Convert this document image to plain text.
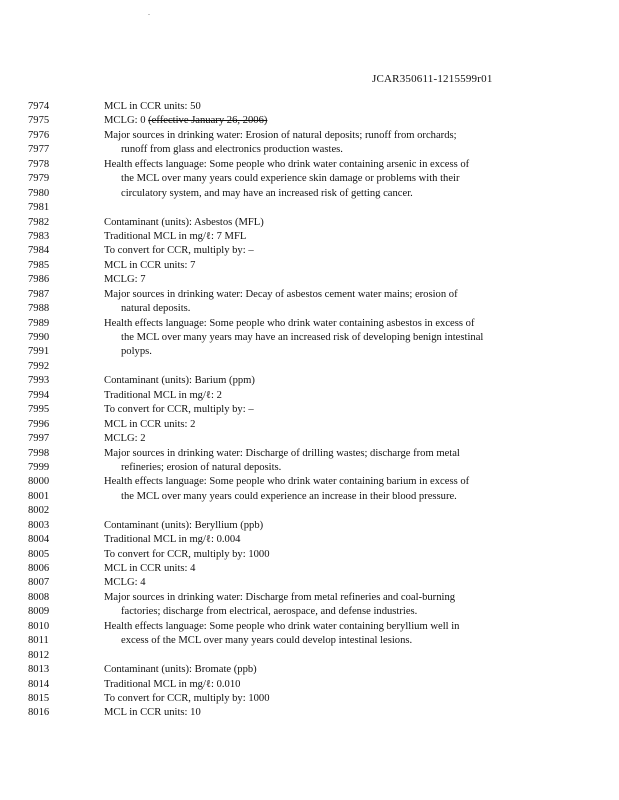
.
JCAR350611-1215599r01
7974	MCL in CCR units: 50
7975	MCLG: 0 (effective January 26, 2006)
7976	Major sources in drinking water: Erosion of natural deposits; runoff from orchards;
7977	runoff from glass and electronics production wastes.
7978	Health effects language: Some people who drink water containing arsenic in excess of
7979	the MCL over many years could experience skin damage or problems with their
7980	circulatory system, and may have an increased risk of getting cancer.
7981
7982	Contaminant (units): Asbestos (MFL)
7983	Traditional MCL in mg/ℓ: 7 MFL
7984	To convert for CCR, multiply by: –
7985	MCL in CCR units: 7
7986	MCLG: 7
7987	Major sources in drinking water: Decay of asbestos cement water mains; erosion of
7988	natural deposits.
7989	Health effects language: Some people who drink water containing asbestos in excess of
7990	the MCL over many years may have an increased risk of developing benign intestinal
7991	polyps.
7992
7993	Contaminant (units): Barium (ppm)
7994	Traditional MCL in mg/ℓ: 2
7995	To convert for CCR, multiply by: –
7996	MCL in CCR units: 2
7997	MCLG: 2
7998	Major sources in drinking water: Discharge of drilling wastes; discharge from metal
7999	refineries; erosion of natural deposits.
8000	Health effects language: Some people who drink water containing barium in excess of
8001	the MCL over many years could experience an increase in their blood pressure.
8002
8003	Contaminant (units): Beryllium (ppb)
8004	Traditional MCL in mg/ℓ: 0.004
8005	To convert for CCR, multiply by: 1000
8006	MCL in CCR units: 4
8007	MCLG: 4
8008	Major sources in drinking water: Discharge from metal refineries and coal-burning
8009	factories; discharge from electrical, aerospace, and defense industries.
8010	Health effects language: Some people who drink water containing beryllium well in
8011	excess of the MCL over many years could develop intestinal lesions.
8012
8013	Contaminant (units): Bromate (ppb)
8014	Traditional MCL in mg/ℓ: 0.010
8015	To convert for CCR, multiply by: 1000
8016	MCL in CCR units: 10
